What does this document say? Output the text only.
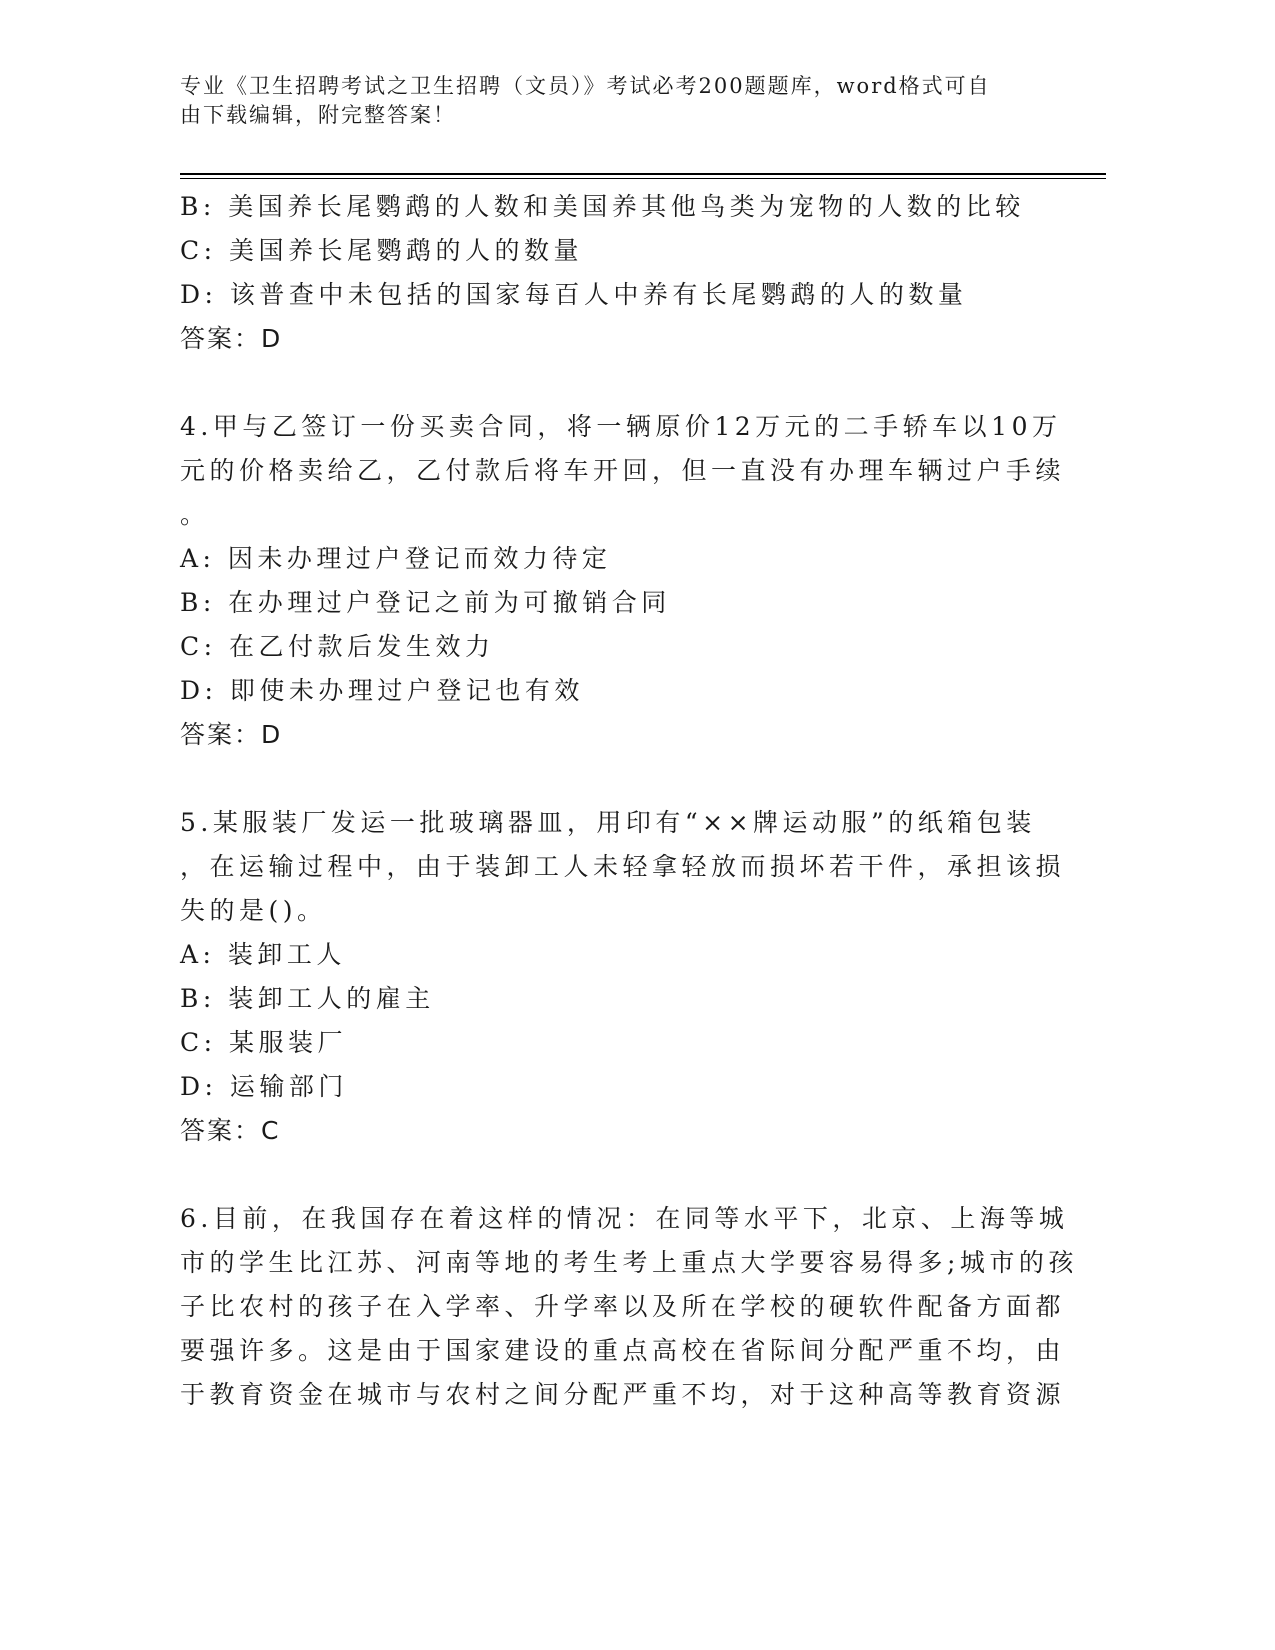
专业《卫生招聘考试之卫生招聘（文员）》考试必考200题题库，word格式可自
由下载编辑，附完整答案！
B: 美国养长尾鹦鹉的人数和美国养其他鸟类为宠物的人数的比较
C: 美国养长尾鹦鹉的人的数量
D: 该普查中未包括的国家每百人中养有长尾鹦鹉的人的数量
答案：D
4.甲与乙签订一份买卖合同，将一辆原价12万元的二手轿车以10万
元的价格卖给乙，乙付款后将车开回，但一直没有办理车辆过户手续
。
A: 因未办理过户登记而效力待定
B: 在办理过户登记之前为可撤销合同
C: 在乙付款后发生效力
D: 即使未办理过户登记也有效
答案：D
5.某服装厂发运一批玻璃器皿，用印有“××牌运动服”的纸箱包装
，在运输过程中，由于装卸工人未轻拿轻放而损坏若干件，承担该损
失的是()。
A: 装卸工人
B: 装卸工人的雇主
C: 某服装厂
D: 运输部门
答案：C
6.目前，在我国存在着这样的情况：在同等水平下，北京、上海等城
市的学生比江苏、河南等地的考生考上重点大学要容易得多;城市的孩
子比农村的孩子在入学率、升学率以及所在学校的硬软件配备方面都
要强许多。这是由于国家建设的重点高校在省际间分配严重不均，由
于教育资金在城市与农村之间分配严重不均，对于这种高等教育资源
